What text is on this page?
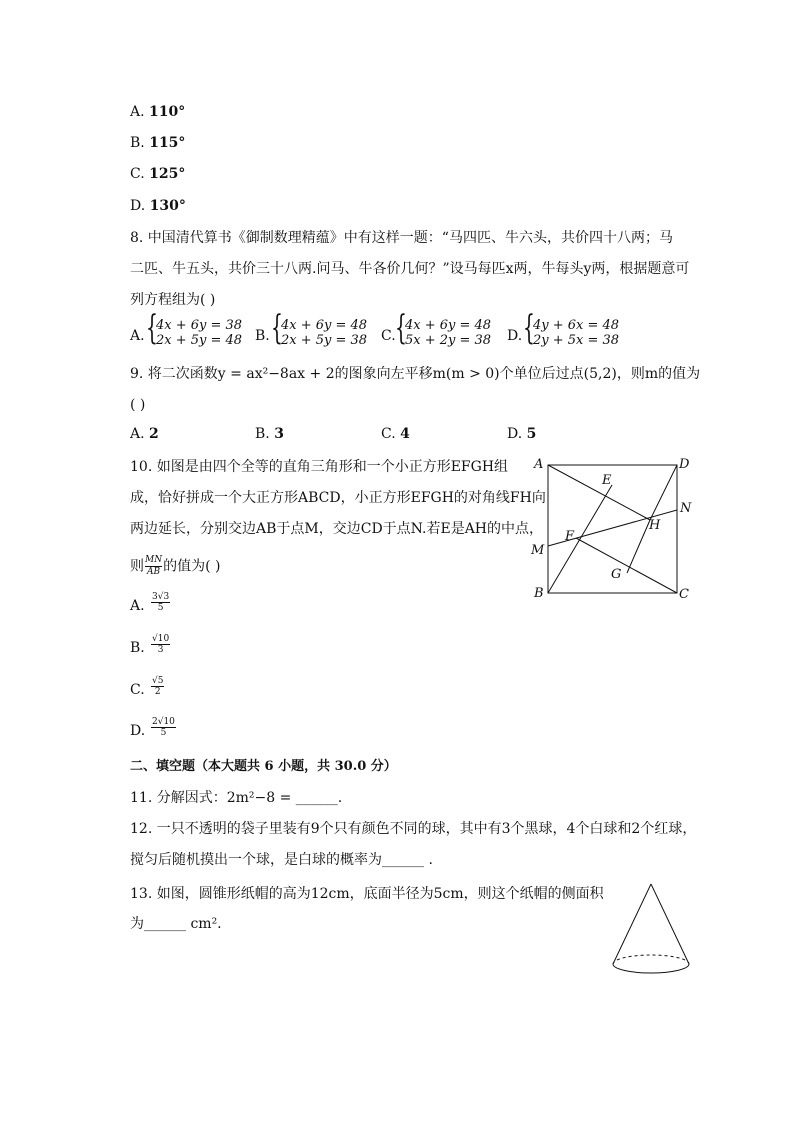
A. 110°
B. 115°
C. 125°
D. 130°
8. 中国清代算书《御制数理精蕴》中有这样一题：“马四匹、牛六头，共价四十八两；马
二匹、牛五头，共价三十八两.问马、牛各价几何？”设马每匹x两，牛每头y两，根据题意可
列方程组为( )
A. {
4x + 6y = 38
2x + 5y = 48 B. {
4x + 6y = 48
2x + 5y = 38 C. {
4x + 6y = 48
5x + 2y = 38 D. {
4y + 6x = 48
2y + 5x = 38
9. 将二次函数y = ax²−8ax + 2的图象向左平移m(m > 0)个单位后过点(5,2)，则m的值为
( )
A. 2	B. 3	C. 4	D. 5
10. 如图是由四个全等的直角三角形和一个小正方形EFGH组
成，恰好拼成一个大正方形ABCD，小正方形EFGH的对角线FH向
两边延长，分别交边AB于点M，交边CD于点N.若E是AH的中点，
则 $\frac{MN}{AB}$ 的值为( )
A. $\frac{3√3}{5}$
B. $\frac{√10}{3}$
C. $\frac{√5}{2}$
D. $\frac{2√10}{5}$
A	D
E
N
H
F
M
G
B	C
二、填空题（本大题共 6 小题，共 30.0 分）
11. 分解因式：2m²−8 = ______.
12. 一只不透明的袋子里装有9个只有颜色不同的球，其中有3个黑球，4个白球和2个红球，
搅匀后随机摸出一个球，是白球的概率为______ .
13. 如图，圆锥形纸帽的高为12cm，底面半径为5cm，则这个纸帽的侧面积
为______ cm².
